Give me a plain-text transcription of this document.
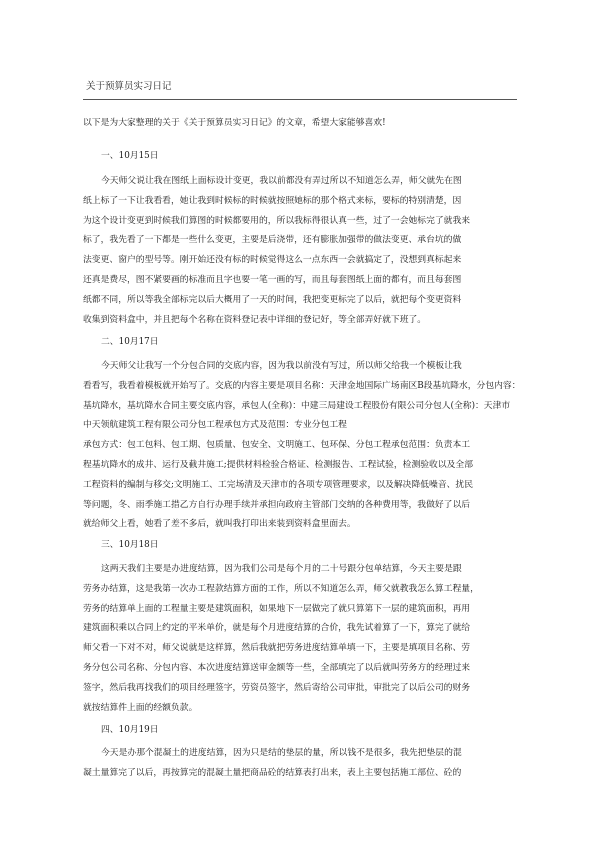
关于预算员实习日记
以下是为大家整理的关于《关于预算员实习日记》的文章，希望大家能够喜欢!
一、10月15日
今天师父说让我在图纸上面标设计变更，我以前都没有弄过所以不知道怎么弄，师父就先在图
纸上标了一下让我看看，她让我到时候标的时候就按照她标的那个格式来标，要标的特别清楚，因
为这个设计变更到时候我们算图的时候都要用的，所以我标得很认真一些，过了一会她标完了就我来
标了，我先看了一下都是一些什么变更，主要是后浇带，还有膨胀加强带的做法变更、承台坑的做
法变更、窗户的型号等。刚开始还没有标的时候觉得这么一点东西一会就搞定了，没想到真标起来
还真是费尽，图不紧要画的标准而且字也要一笔一画的写，而且每套图纸上面的都有，而且每套图
纸都不同，所以等我全部标完以后大概用了一天的时间，我把变更标完了以后，就把每个变更资料
收集到资料盒中，并且把每个名称在资料登记表中详细的登记好，等全部弄好就下班了。
二、10月17日
今天师父让我写一个分包合同的交底内容，因为我以前没有写过，所以师父给我一个模板让我
看看写，我看着模板就开始写了。交底的内容主要是项目名称：天津金地国际广场南区B段基坑降水，分包内容：
基坑降水，基坑降水合同主要交底内容，承包人(全称)：中建三局建设工程股份有限公司分包人(全称)：天津市
中天领航建筑工程有限公司分包工程承包方式及范围：专业分包工程
承包方式：包工包料、包工期、包质量、包安全、文明施工、包环保、分包工程承包范围：负责本工
程基坑降水的成井、运行及截井施工;提供材料检验合格证、检测报告、工程试验，检测验收以及全部
工程资料的编制与移交;文明施工、工完场清及天津市的各项专项管理要求，以及解决降低噪音、扰民
等问题，冬、雨季施工措乙方自行办理手续并承担向政府主管部门交纳的各种费用等，我做好了以后
就给师父上看，她看了差不多后，就叫我打印出来装到资料盒里面去。
三、10月18日
这两天我们主要是办进度结算，因为我们公司是每个月的二十号跟分包单结算，今天主要是跟
劳务办结算，这是我第一次办工程款结算方面的工作，所以不知道怎么弄，师父就教我怎么算工程量，
劳务的结算单上面的工程量主要是建筑面积，如果地下一层做完了就只算第下一层的建筑面积，再用
建筑面积乘以合同上约定的平米单价，就是每个月进度结算的合价，我先试着算了一下，算完了就给
师父看一下对不对，师父说就是这样算，然后我就把劳务进度结算单填一下，主要是填项目名称、劳
务分包公司名称、分包内容、本次进度结算送审金额等一些，全部填完了以后就叫劳务方的经理过来
签字，然后我再找我们的项目经理签字，劳资员签字，然后寄给公司审批，审批完了以后公司的财务
就按结算件上面的经额负款。
四、10月19日
今天是办那个混凝土的进度结算，因为只是结的垫层的量，所以钱不是很多，我先把垫层的混
凝土量算完了以后，再按算完的混凝土量把商品砼的结算表打出来，表上主要包括施工部位、砼的
